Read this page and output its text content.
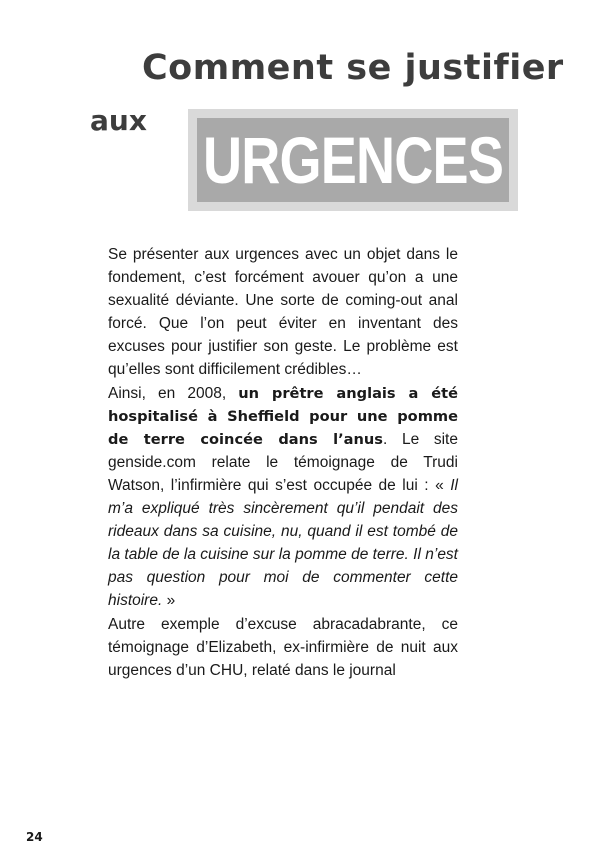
Comment se justifier
aux
URGENCES

Se présenter aux urgences avec un objet dans le fondement, c’est forcément avouer qu’on a une sexualité déviante. Une sorte de coming-out anal forcé. Que l’on peut éviter en inventant des excuses pour justifier son geste. Le problème est qu’elles sont difficilement crédibles…

Ainsi, en 2008, un prêtre anglais a été hospitalisé à Sheffield pour une pomme de terre coincée dans l’anus. Le site genside.com relate le témoignage de Trudi Watson, l’infirmière qui s’est occupée de lui : « Il m’a expliqué très sincèrement qu’il pendait des rideaux dans sa cuisine, nu, quand il est tombé de la table de la cuisine sur la pomme de terre. Il n’est pas question pour moi de commenter cette histoire. »

Autre exemple d’excuse abracadabrante, ce témoignage d’Elizabeth, ex-infirmière de nuit aux urgences d’un CHU, relaté dans le journal

24
